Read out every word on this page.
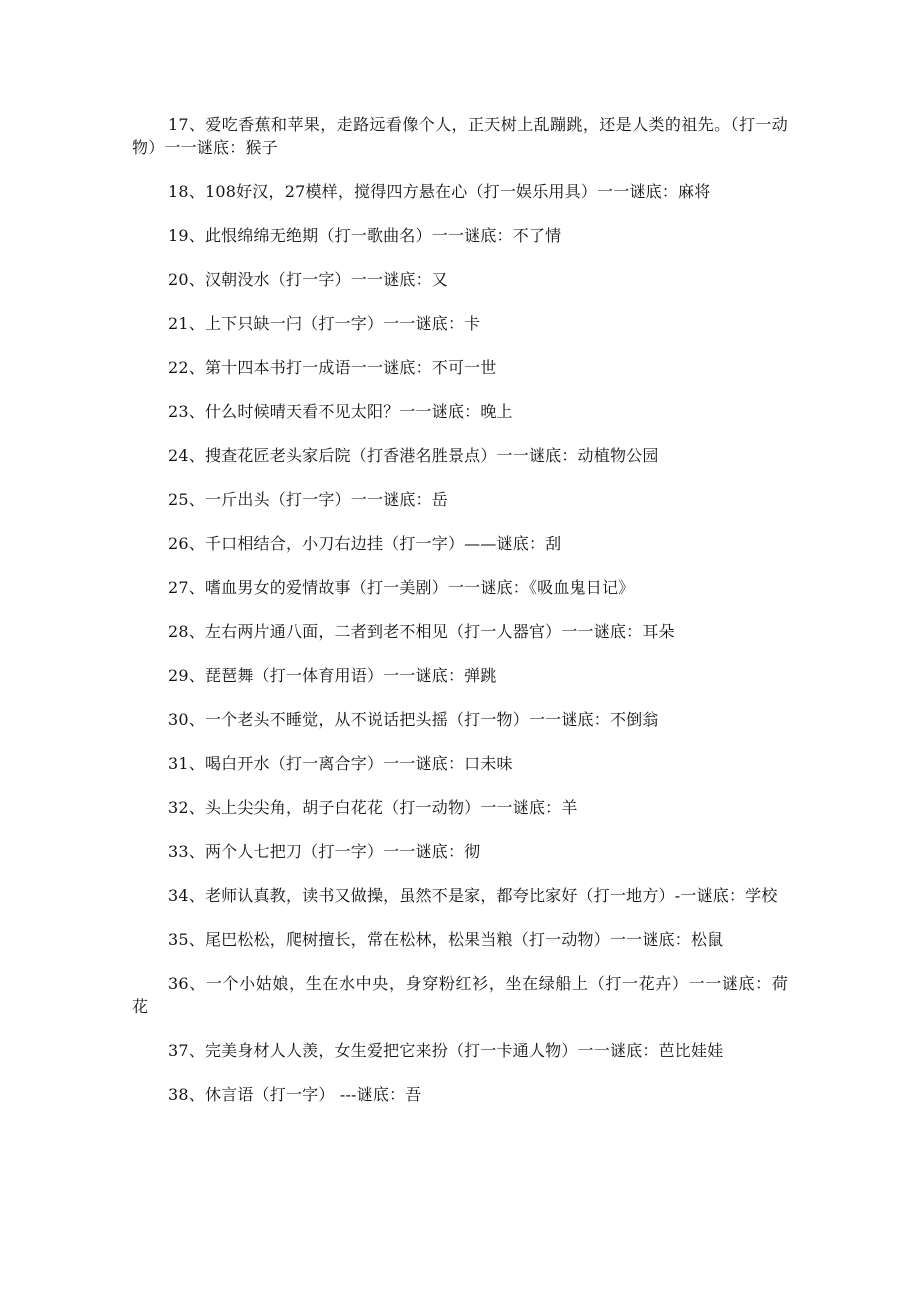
17、爱吃香蕉和苹果，走路远看像个人，正天树上乱蹦跳，还是人类的祖先。（打一动物）一一谜底：猴子

18、108好汉，27模样，搅得四方悬在心（打一娱乐用具）一一谜底：麻将

19、此恨绵绵无绝期（打一歌曲名）一一谜底：不了情

20、汉朝没水（打一字）一一谜底：又

21、上下只缺一闩（打一字）一一谜底：卡

22、第十四本书打一成语一一谜底：不可一世

23、什么时候晴天看不见太阳？一一谜底：晚上

24、搜查花匠老头家后院（打香港名胜景点）一一谜底：动植物公园

25、一斤出头（打一字）一一谜底：岳

26、千口相结合，小刀右边挂（打一字）——谜底：刮

27、嗜血男女的爱情故事（打一美剧）一一谜底：《吸血鬼日记》

28、左右两片通八面，二者到老不相见（打一人器官）一一谜底：耳朵

29、琵琶舞（打一体育用语）一一谜底：弹跳

30、一个老头不睡觉，从不说话把头摇（打一物）一一谜底：不倒翁

31、喝白开水（打一离合字）一一谜底：口未味

32、头上尖尖角，胡子白花花（打一动物）一一谜底：羊

33、两个人七把刀（打一字）一一谜底：彻

34、老师认真教，读书又做操，虽然不是家，都夸比家好（打一地方）-一谜底：学校

35、尾巴松松，爬树擅长，常在松林，松果当粮（打一动物）一一谜底：松鼠

36、一个小姑娘，生在水中央，身穿粉红衫，坐在绿船上（打一花卉）一一谜底：荷花

37、完美身材人人羡，女生爱把它来扮（打一卡通人物）一一谜底：芭比娃娃

38、休言语（打一字） ---谜底：吾
